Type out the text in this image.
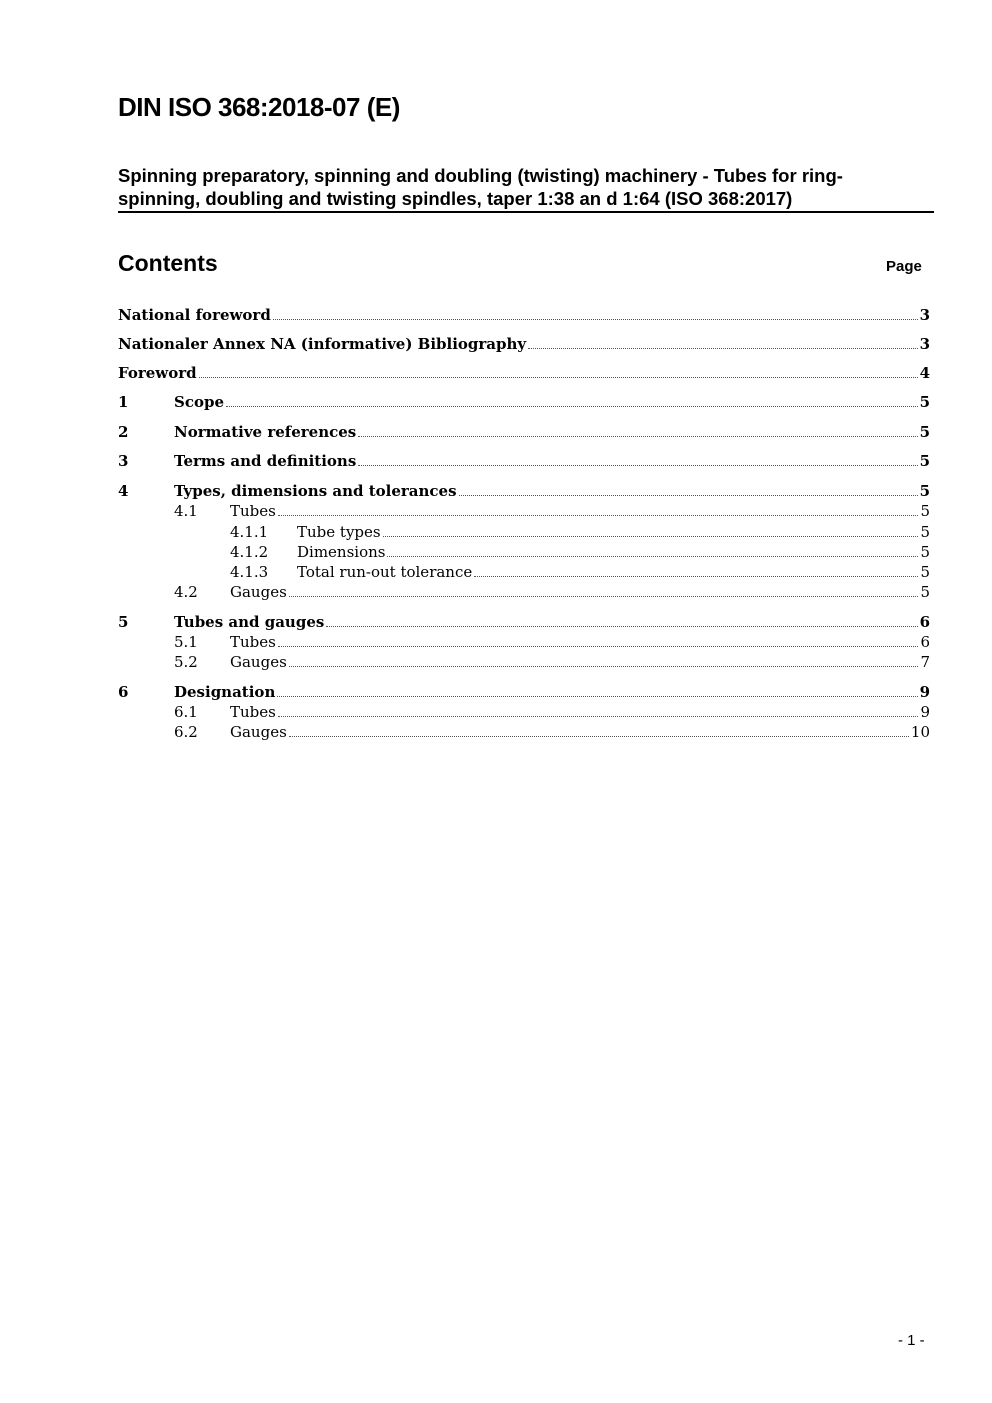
DIN ISO 368:2018-07 (E)
Spinning preparatory, spinning and doubling (twisting) machinery - Tubes for ring-
spinning, doubling and twisting spindles, taper 1:38 an d 1:64 (ISO 368:2017)
Contents	Page
National foreword	3
Nationaler Annex NA (informative) Bibliography	3
Foreword	4
1	Scope	5
2	Normative references	5
3	Terms and definitions	5
4	Types, dimensions and tolerances	5
4.1	Tubes	5
4.1.1	Tube types	5
4.1.2	Dimensions	5
4.1.3	Total run-out tolerance	5
4.2	Gauges	5
5	Tubes and gauges	6
5.1	Tubes	6
5.2	Gauges	7
6	Designation	9
6.1	Tubes	9
6.2	Gauges	10
- 1 -
